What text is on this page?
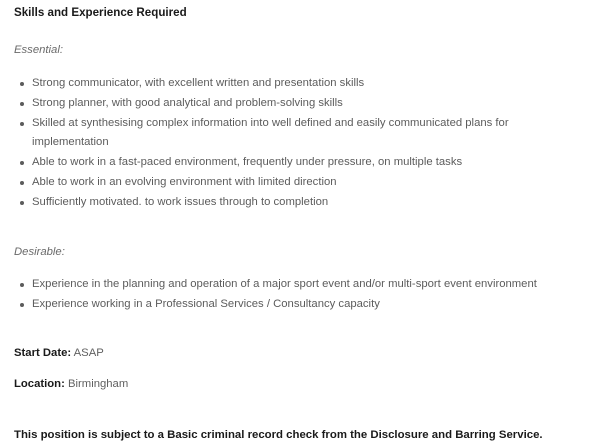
Skills and Experience Required

Essential:

Strong communicator, with excellent written and presentation skills
Strong planner, with good analytical and problem-solving skills
Skilled at synthesising complex information into well defined and easily communicated plans for implementation
Able to work in a fast-paced environment, frequently under pressure, on multiple tasks
Able to work in an evolving environment with limited direction
Sufficiently motivated. to work issues through to completion

Desirable:

Experience in the planning and operation of a major sport event and/or multi-sport event environment
Experience working in a Professional Services / Consultancy capacity

Start Date: ASAP

Location: Birmingham

This position is subject to a Basic criminal record check from the Disclosure and Barring Service.
